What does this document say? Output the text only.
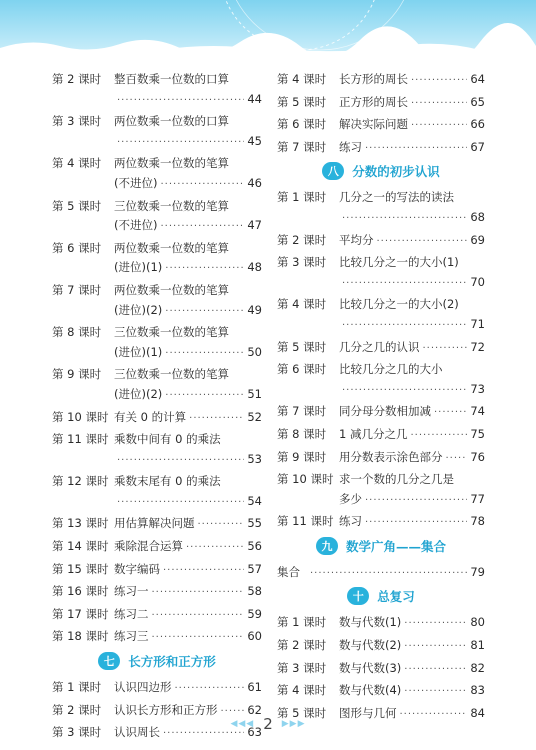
第 2 课时	整百数乘一位数的口算
·····
44
第 3 课时	两位数乘一位数的口算
·····
45
第 4 课时	两位数乘一位数的笔算
(不进位) ·····	46
第 5 课时	三位数乘一位数的笔算
(不进位) ·····	47
第 6 课时	两位数乘一位数的笔算
(进位)(1) ·····	48
第 7 课时	两位数乘一位数的笔算
(进位)(2) ·····	49
第 8 课时	三位数乘一位数的笔算
(进位)(1) ·····	50
第 9 课时	三位数乘一位数的笔算
(进位)(2) ·····	51
第 10 课时 有关 0 的计算 ·····	52
第 11 课时 乘数中间有 0 的乘法
·····
53
第 12 课时 乘数末尾有 0 的乘法
·····
54
第 13 课时 用估算解决问题 ·····	55
第 14 课时 乘除混合运算 ·····	56
第 15 课时 数字编码 ·····	57
第 16 课时 练习一 ·····	58
第 17 课时 练习二 ·····	59
第 18 课时 练习三 ·····	60
七	长方形和正方形
第 1 课时	认识四边形 ·····	61
第 2 课时	认识长方形和正方形 ·····	62
第 3 课时	认识周长 ·····	63
第 4 课时	长方形的周长 ·····	64
第 5 课时	正方形的周长 ·····	65
第 6 课时	解决实际问题 ·····	66
第 7 课时	练习 ·····	67
八	分数的初步认识
第 1 课时	几分之一的写法的读法
·····
68
第 2 课时	平均分 ·····	69
第 3 课时	比较几分之一的大小(1)
·····
70
第 4 课时	比较几分之一的大小(2)
·····
71
第 5 课时	几分之几的认识 ·····	72
第 6 课时	比较几分之几的大小
·····
73
第 7 课时	同分母分数相加减 ·····	74
第 8 课时	1 减几分之几 ·····	75
第 9 课时	用分数表示涂色部分 ····· 76
第 10 课时 求一个数的几分之几是
多少 ·····	77
第 11 课时 练习 ·····	78
九	数学广角——集合
集合 ·····	79
十	总复习
第 1 课时	数与代数(1) ·····	80
第 2 课时	数与代数(2) ·····	81
第 3 课时	数与代数(3) ·····	82
第 4 课时	数与代数(4) ·····	83
第 5 课时	图形与几何 ·····	84
◀◀◀ 2 ▶▶▶
